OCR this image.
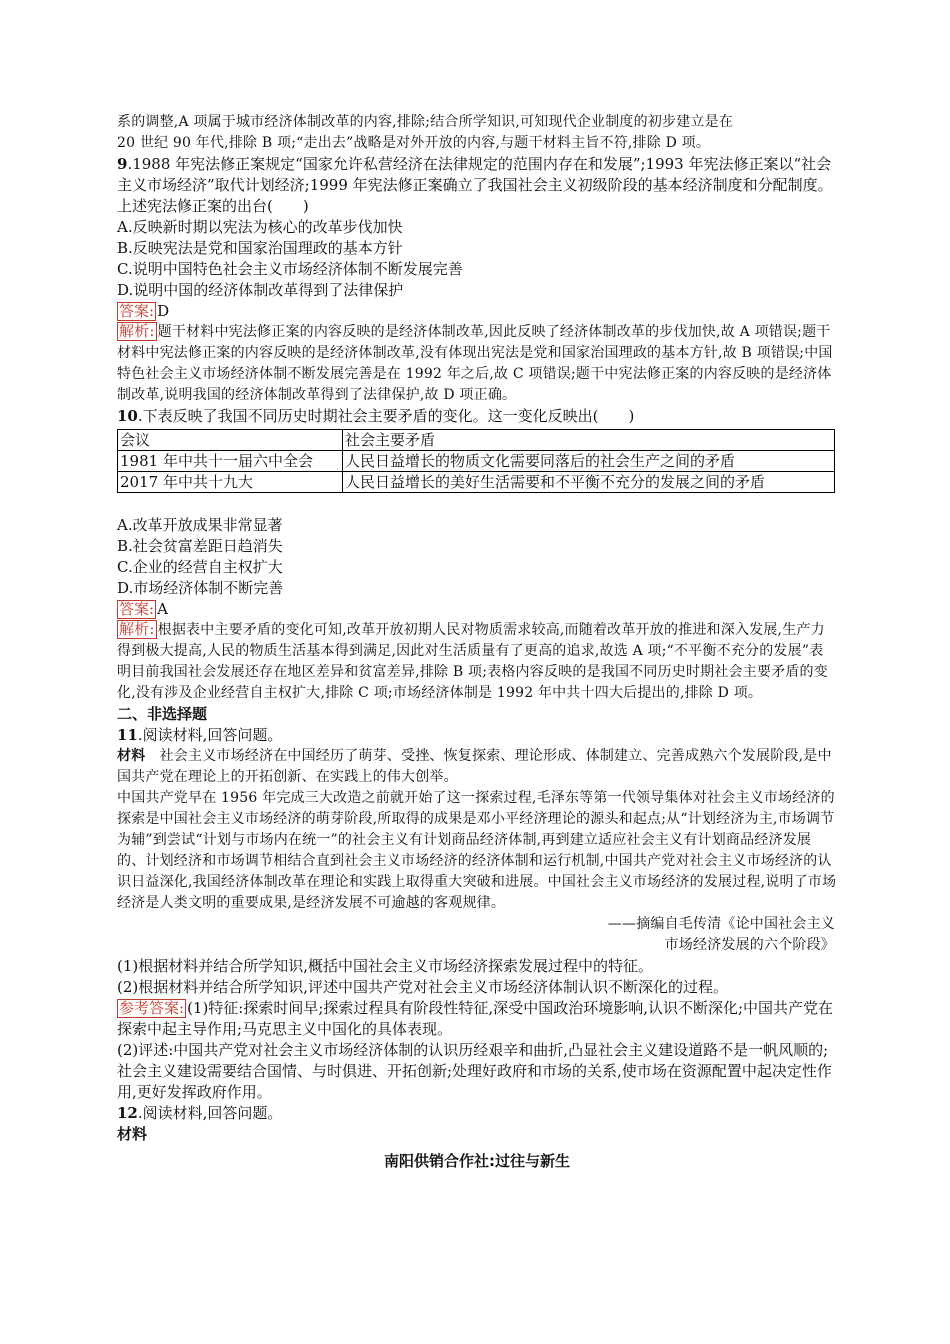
系的调整,A 项属于城市经济体制改革的内容,排除;结合所学知识,可知现代企业制度的初步建立是在

20 世纪 90 年代,排除 B 项;“走出去”战略是对外开放的内容,与题干材料主旨不符,排除 D 项。

9.1988 年宪法修正案规定“国家允许私营经济在法律规定的范围内存在和发展”;1993 年宪法修正案以“社会主义市场经济”取代计划经济;1999 年宪法修正案确立了我国社会主义初级阶段的基本经济制度和分配制度。上述宪法修正案的出台(　　)

A.反映新时期以宪法为核心的改革步伐加快

B.反映宪法是党和国家治国理政的基本方针

C.说明中国特色社会主义市场经济体制不断发展完善

D.说明中国的经济体制改革得到了法律保护

答案: D

解析: 题干材料中宪法修正案的内容反映的是经济体制改革,因此反映了经济体制改革的步伐加快,故 A 项错误;题干材料中宪法修正案的内容反映的是经济体制改革,没有体现出宪法是党和国家治国理政的基本方针,故 B 项错误;中国特色社会主义市场经济体制不断发展完善是在 1992 年之后,故 C 项错误;题干中宪法修正案的内容反映的是经济体制改革,说明我国的经济体制改革得到了法律保护,故 D 项正确。

10.下表反映了我国不同历史时期社会主要矛盾的变化。这一变化反映出(　　)

会议	社会主要矛盾
1981 年中共十一届六中全会	人民日益增长的物质文化需要同落后的社会生产之间的矛盾
2017 年中共十九大	人民日益增长的美好生活需要和不平衡不充分的发展之间的矛盾

A.改革开放成果非常显著

B.社会贫富差距日趋消失

C.企业的经营自主权扩大

D.市场经济体制不断完善

答案: A

解析: 根据表中主要矛盾的变化可知,改革开放初期人民对物质需求较高,而随着改革开放的推进和深入发展,生产力得到极大提高,人民的物质生活基本得到满足,因此对生活质量有了更高的追求,故选 A 项;“不平衡不充分的发展”表明目前我国社会发展还存在地区差异和贫富差异,排除 B 项;表格内容反映的是我国不同历史时期社会主要矛盾的变化,没有涉及企业经营自主权扩大,排除 C 项;市场经济体制是 1992 年中共十四大后提出的,排除 D 项。

二、非选择题

11.阅读材料,回答问题。

材料  社会主义市场经济在中国经历了萌芽、受挫、恢复探索、理论形成、体制建立、完善成熟六个发展阶段,是中国共产党在理论上的开拓创新、在实践上的伟大创举。

中国共产党早在 1956 年完成三大改造之前就开始了这一探索过程,毛泽东等第一代领导集体对社会主义市场经济的探索是中国社会主义市场经济的萌芽阶段,所取得的成果是邓小平经济理论的源头和起点;从“计划经济为主,市场调节为辅”到尝试“计划与市场内在统一”的社会主义有计划商品经济体制,再到建立适应社会主义有计划商品经济发展的、计划经济和市场调节相结合直到社会主义市场经济的经济体制和运行机制,中国共产党对社会主义市场经济的认识日益深化,我国经济体制改革在理论和实践上取得重大突破和进展。中国社会主义市场经济的发展过程,说明了市场经济是人类文明的重要成果,是经济发展不可逾越的客观规律。

——摘编自毛传清《论中国社会主义

市场经济发展的六个阶段》

(1)根据材料并结合所学知识,概括中国社会主义市场经济探索发展过程中的特征。

(2)根据材料并结合所学知识,评述中国共产党对社会主义市场经济体制认识不断深化的过程。

参考答案: (1)特征:探索时间早;探索过程具有阶段性特征,深受中国政治环境影响,认识不断深化;中国共产党在探索中起主导作用;马克思主义中国化的具体表现。

(2)评述:中国共产党对社会主义市场经济体制的认识历经艰辛和曲折,凸显社会主义建设道路不是一帆风顺的;社会主义建设需要结合国情、与时俱进、开拓创新;处理好政府和市场的关系,使市场在资源配置中起决定性作用,更好发挥政府作用。

12.阅读材料,回答问题。

材料

南阳供销合作社:过往与新生
